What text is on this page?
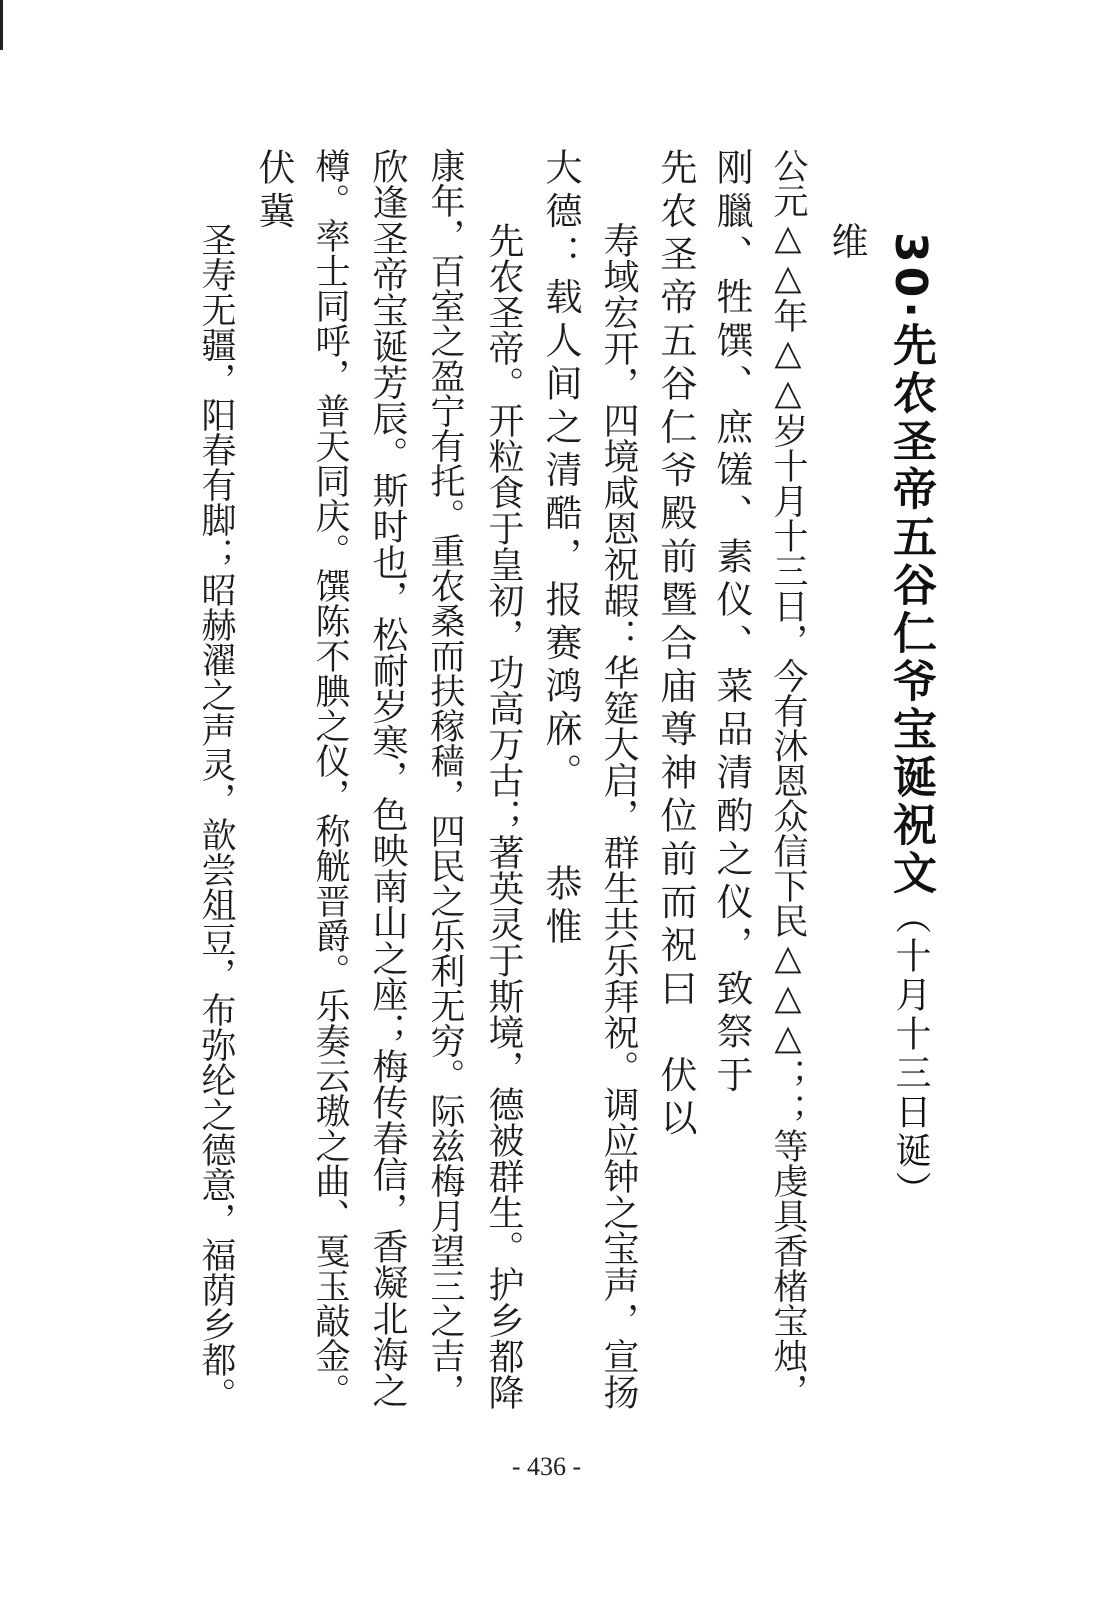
30·先农圣帝五谷仁爷宝诞祝文（十月十三日诞）
维
公元△△年△△岁十月十三日，今有沐恩众信下民△△△；；等虔具香楮宝烛，
刚臘、牲馔、庶馐、素仪、菜品清酌之仪，致祭于
先农圣帝五谷仁爷殿前暨合庙尊神位前而祝曰　伏以
寿域宏开，四境咸恩祝嘏：华筵大启，群生共乐拜祝。调应钟之宝声，宣扬
大德：载人间之清酷，报赛鸿庥。　　恭惟
先农圣帝。开粒食于皇初，功高万古；著英灵于斯境，德被群生。护乡都降
康年，百室之盈宁有托。重农桑而扶稼穑，四民之乐利无穷。际兹梅月望三之吉，
欣逢圣帝宝诞芳辰。斯时也，松耐岁寒，色映南山之座；梅传春信，香凝北海之
樽。率士同呼，普天同庆。馔陈不腆之仪，称觥晋爵。乐奏云璈之曲、戛玉敲金。
伏冀
圣寿无疆，阳春有脚；昭赫濯之声灵，歆尝俎豆，布弥纶之德意，福荫乡都。
- 436 -
